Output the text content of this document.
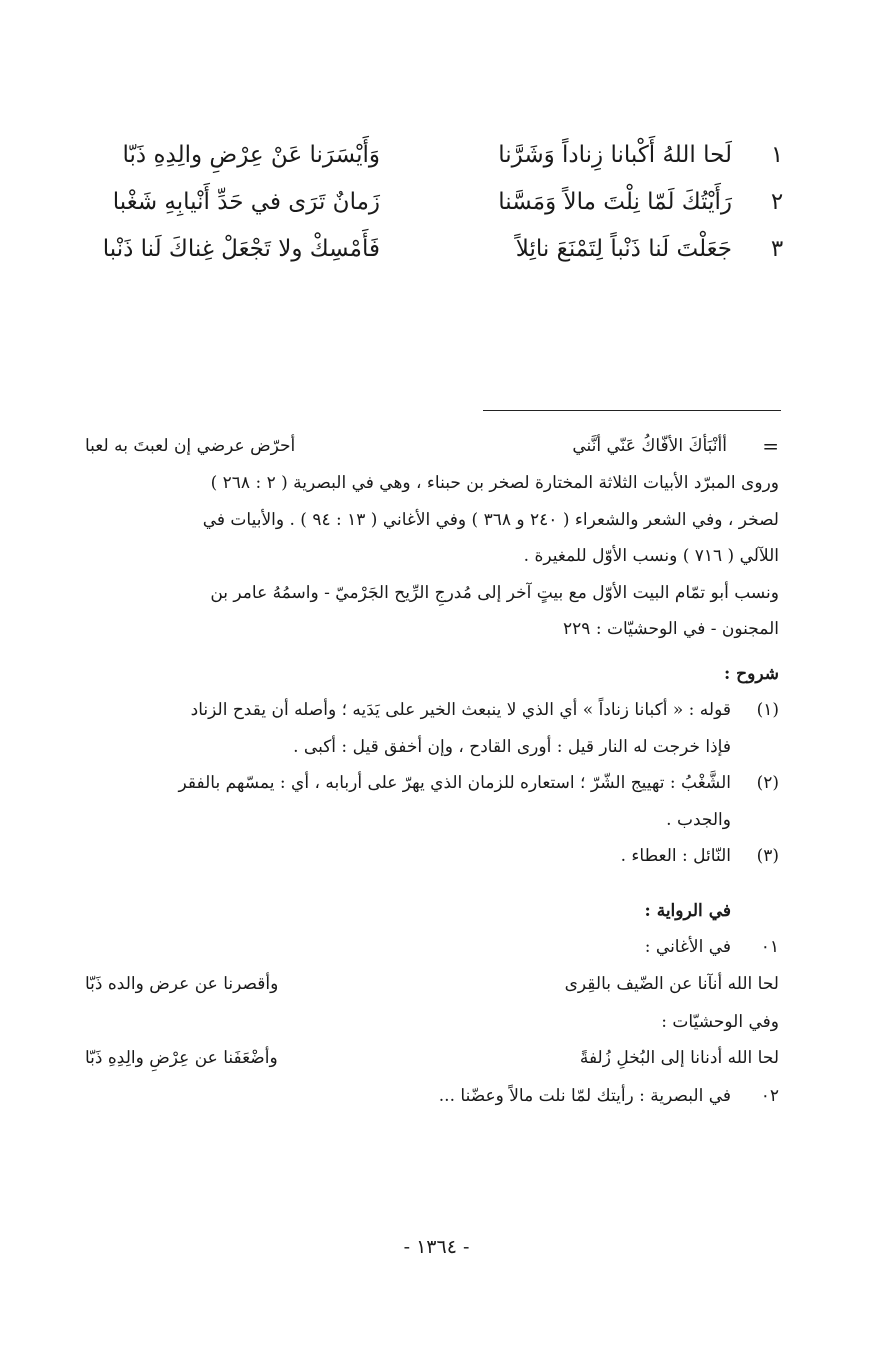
١
لَحا اللهُ أَكْبانا زِناداً وَشَرَّنا
وَأَيْسَرَنا عَنْ عِرْضِ والِدِهِ ذَبّا
٢
رَأَيْتُكَ لَمّا نِلْتَ مالاً وَمَسَّنا
زَمانٌ تَرَى في حَدِّ أَنْيابِهِ شَغْبا
٣
جَعَلْتَ لَنا ذَنْباً لِتَمْنَعَ نائِلاً
فَأَمْسِكْ ولا تَجْعَلْ غِناكَ لَنا ذَنْبا
=
أأنْبَأكَ الأفّاكُ عَنّي أنَّني
أحرّض عرضي إن لعبتَ به لعبا
وروى المبرّد الأبيات الثلاثة المختارة لصخر بن حبناء ، وهي في البصرية ( ٢ : ٢٦٨ )
لصخر ، وفي الشعر والشعراء ( ٢٤٠ و ٣٦٨ ) وفي الأغاني ( ١٣ : ٩٤ ) . والأبيات في
اللآلي ( ٧١٦ ) ونسب الأوّل للمغيرة .
ونسب أبو تمّام البيت الأوّل مع بيتٍ آخر إلى مُدرجِ الرِّيح الجَرْميّ - واسمُهُ عامر بن
المجنون - في الوحشيّات : ٢٢٩
شروح :
(١)
قوله : « أكبانا زناداً » أي الذي لا ينبعث الخير على يَدَيه ؛ وأصله أن يقدح الزناد
فإذا خرجت له النار قيل : أورى القادح ، وإن أخفق قيل : أكبى .
(٢)
الشَّغْبُ : تهييج الشّرّ ؛ استعاره للزمان الذي يهرّ على أربابه ، أي : يمسّهم بالفقر
والجدب .
(٣)
النّائل : العطاء .
في الرواية :
٠١
في الأغاني :
لحا الله أنآنا عن الضّيف بالقِرى
وأقصرنا عن عرض والده ذَبّا
وفي الوحشيّات :
لحا الله أدنانا إلى البُخلِ زُلفةً
وأضْعَفَنا عن عِرْضِ والِدِهِ ذَبّا
٠٢
في البصرية : رأيتك لمّا نلت مالاً وعضّنا ...
- ١٣٦٤ -
